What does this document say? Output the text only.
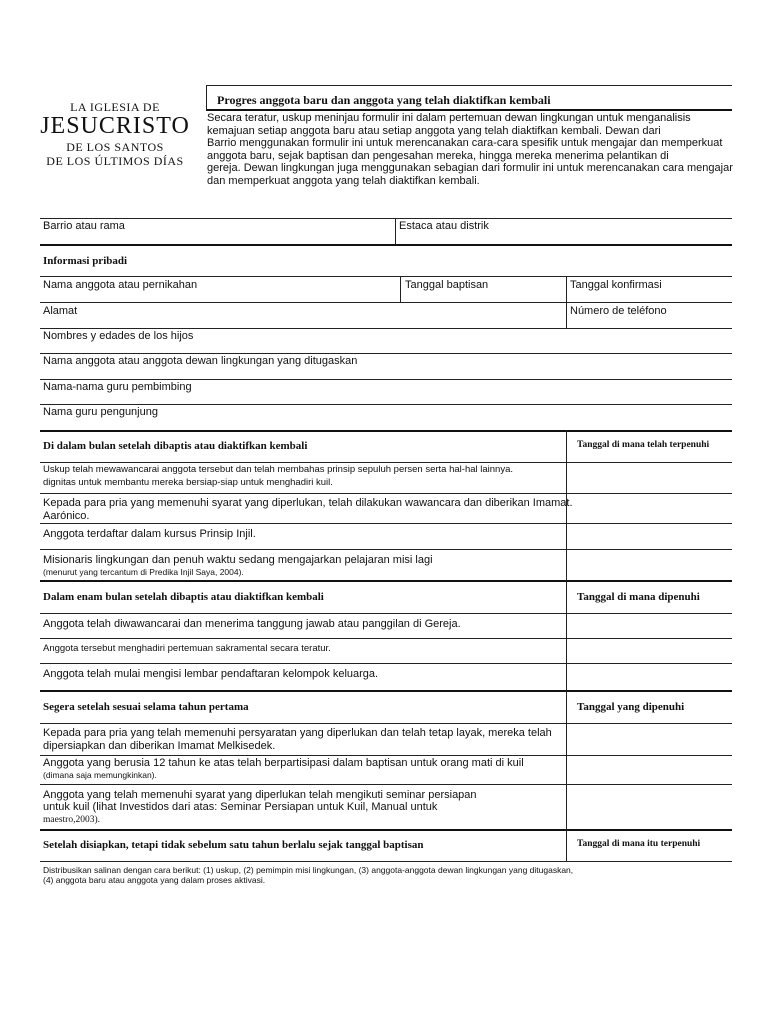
LA IGLESIA DE
JESUCRISTO
DE LOS SANTOS
DE LOS ÚLTIMOS DÍAS
Progres anggota baru dan anggota yang telah diaktifkan kembali
Secara teratur, uskup meninjau formulir ini dalam pertemuan dewan lingkungan untuk menganalisis
kemajuan setiap anggota baru atau setiap anggota yang telah diaktifkan kembali. Dewan dari
Barrio menggunakan formulir ini untuk merencanakan cara-cara spesifik untuk mengajar dan memperkuat
anggota baru, sejak baptisan dan pengesahan mereka, hingga mereka menerima pelantikan di
gereja. Dewan lingkungan juga menggunakan sebagian dari formulir ini untuk merencanakan cara mengajar
dan memperkuat anggota yang telah diaktifkan kembali.
Barrio atau rama	Estaca atau distrik
Informasi pribadi
Nama anggota atau pernikahan	Tanggal baptisan	Tanggal konfirmasi
Alamat	Número de teléfono
Nombres y edades de los hijos
Nama anggota atau anggota dewan lingkungan yang ditugaskan
Nama-nama guru pembimbing
Nama guru pengunjung
Di dalam bulan setelah dibaptis atau diaktifkan kembali	Tanggal di mana telah terpenuhi
Uskup telah mewawancarai anggota tersebut dan telah membahas prinsip sepuluh persen serta hal-hal lainnya.
dignitas untuk membantu mereka bersiap-siap untuk menghadiri kuil.
Kepada para pria yang memenuhi syarat yang diperlukan, telah dilakukan wawancara dan diberikan Imamat.
Aarónico.
Anggota terdaftar dalam kursus Prinsip Injil.
Misionaris lingkungan dan penuh waktu sedang mengajarkan pelajaran misi lagi
(menurut yang tercantum di Predika Injil Saya, 2004).
Dalam enam bulan setelah dibaptis atau diaktifkan kembali	Tanggal di mana dipenuhi
Anggota telah diwawancarai dan menerima tanggung jawab atau panggilan di Gereja.
Anggota tersebut menghadiri pertemuan sakramental secara teratur.
Anggota telah mulai mengisi lembar pendaftaran kelompok keluarga.
Segera setelah sesuai selama tahun pertama	Tanggal yang dipenuhi
Kepada para pria yang telah memenuhi persyaratan yang diperlukan dan telah tetap layak, mereka telah
dipersiapkan dan diberikan Imamat Melkisedek.
Anggota yang berusia 12 tahun ke atas telah berpartisipasi dalam baptisan untuk orang mati di kuil
(dimana saja memungkinkan).
Anggota yang telah memenuhi syarat yang diperlukan telah mengikuti seminar persiapan
untuk kuil (lihat Investidos dari atas: Seminar Persiapan untuk Kuil, Manual untuk
maestro,2003).
Setelah disiapkan, tetapi tidak sebelum satu tahun berlalu sejak tanggal baptisan	Tanggal di mana itu terpenuhi
Distribusikan salinan dengan cara berikut: (1) uskup, (2) pemimpin misi lingkungan, (3) anggota-anggota dewan lingkungan yang ditugaskan,
(4) anggota baru atau anggota yang dalam proses aktivasi.
